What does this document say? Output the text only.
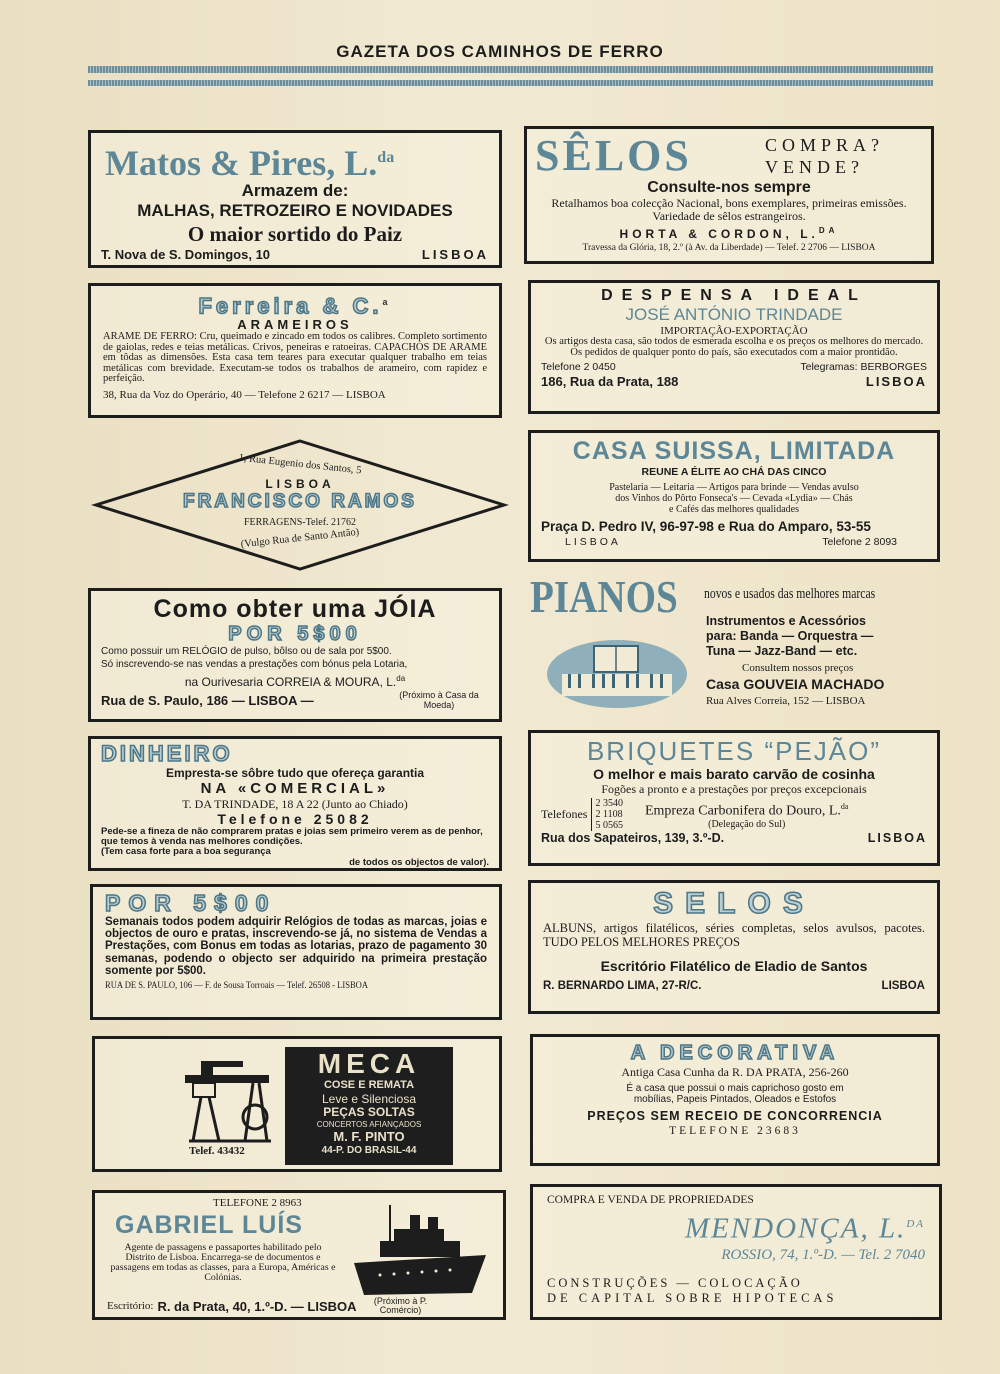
GAZETA DOS CAMINHOS DE FERRO
Matos & Pires, L.$^{da}$
Armazem de:
MALHAS, RETROZEIRO E NOVIDADES
O maior sortido do Paiz
T. Nova de S. Domingos, 10	LISBOA
SÊLOS	COMPRA?
VENDE?
Consulte-nos sempre
Retalhamos boa colecção Nacional, bons exemplares, primeiras emissões. Variedade de sêlos estrangeiros.
HORTA & CORDON, L.$^{DA}$
Travessa da Glória, 18, 2.º (à Av. da Liberdade) — Telef. 2 2706 — LISBOA
Ferreira & C.$^a$
ARAMEIROS
ARAME DE FERRO: Cru, queimado e zincado em todos os calibres. Completo sortimento de gaiolas, redes e teias metálicas. Crivos, peneiras e ratoeiras. CAPACHOS DE ARAME em tôdas as dimensões. Esta casa tem teares para executar qualquer trabalho em teias metálicas com brevidade. Executam-se todos os trabalhos de arameiro, com rapidez e perfeição.
38, Rua da Voz do Operário, 40 — Telefone 2 6217 — LISBOA
DESPENSA IDEAL
JOSÉ ANTÓNIO TRINDADE
IMPORTAÇÃO-EXPORTAÇÃO
Os artigos desta casa, são todos de esmerada escolha e os preços os melhores do mercado. Os pedidos de qualquer ponto do país, são executados com a maior prontidão.
Telefone 2 0450	Telegramas: BERBORGES
186, Rua da Prata, 188	LISBOA
1, Rua Eugenio dos Santos, 5
LISBOA
FRANCISCO RAMOS
FERRAGENS-Telef. 21762
(Vulgo Rua de Santo Antão)
CASA SUISSA, LIMITADA
REUNE A ÉLITE AO CHÁ DAS CINCO
Pastelaria — Leitaria — Artigos para brinde — Vendas avulso
dos Vinhos do Pôrto Fonseca's — Cevada «Lydia» — Chás
e Cafés das melhores qualidades
Praça D. Pedro IV, 96-97-98 e Rua do Amparo, 53-55
LISBOA	Telefone 2 8093
Como obter uma JÓIA
POR 5$00
Como possuir um RELÓGIO de pulso, bôlso ou de sala por 5$00.
Só inscrevendo-se nas vendas a prestações com bónus pela Lotaria,
na Ourivesaria CORREIA & MOURA, L.$^{da}$
Rua de S. Paulo, 186 — LISBOA —	(Próximo à Casa da Moeda)
PIANOS novos e usados das melhores marcas
Instrumentos e Acessórios
para: Banda — Orquestra —
Tuna — Jazz-Band — etc.
Consultem nossos preços
Casa GOUVEIA MACHADO
Rua Alves Correia, 152 — LISBOA
DINHEIRO
Empresta-se sôbre tudo que ofereça garantia
NA «COMERCIAL»
T. DA TRINDADE, 18 A 22 (Junto ao Chiado)
Telefone 25082
Pede-se a fineza de não comprarem pratas e joias sem primeiro verem as de penhor, que temos à venda nas melhores condições.
(Tem casa forte para a boa segurança
de todos os objectos de valor).
BRIQUETES “PEJÃO”
O melhor e mais barato carvão de cosinha
Fogões a pronto e a prestações por preços excepcionais
Telefones
2 3540
2 1108
5 0565
Empreza Carbonifera do Douro, L.$^{da}$
(Delegação do Sul)
Rua dos Sapateiros, 139, 3.º-D.	LISBOA
POR 5$00
Semanais todos podem adquirir Relógios de todas as marcas, joias e objectos de ouro e pratas, inscrevendo-se já, no sistema de Vendas a Prestações, com Bonus em todas as lotarias, prazo de pagamento 30 semanas, podendo o objecto ser adquirido na primeira prestação somente por 5$00.
RUA DE S. PAULO, 106 — F. de Sousa Torroais — Telef. 26508 - LISBOA
SELOS
ALBUNS, artigos filatélicos, séries completas, selos avulsos, pacotes. TUDO PELOS MELHORES PREÇOS
Escritório Filatélico de Eladio de Santos
R. BERNARDO LIMA, 27-R/C.	LISBOA
Telef. 43432
MECA
COSE E REMATA
Leve e Silenciosa
PEÇAS SOLTAS
CONCERTOS AFIANÇADOS
M. F. PINTO
44-P. DO BRASIL-44
A DECORATIVA
Antiga Casa Cunha da R. DA PRATA, 256-260
É a casa que possui o mais caprichoso gosto em mobílias, Papeis Pintados, Oleados e Estofos
PREÇOS SEM RECEIO DE CONCORRENCIA
TELEFONE 23683
TELEFONE 2 8963
GABRIEL LUÍS
Agente de passagens e passaportes habilitado pelo Distrito de Lisboa. Encarrega-se de documentos e passagens em todas as classes, para a Europa, Américas e Colónias.
Escritório: R. da Prata, 40, 1.º-D. — LISBOA	(Próximo à P. Comércio)
COMPRA E VENDA DE PROPRIEDADES
MENDONÇA, L.$^{DA}$
ROSSIO, 74, 1.º-D. — Tel. 2 7040
CONSTRUÇÕES — COLOCAÇÃO
DE CAPITAL SOBRE HIPOTECAS
